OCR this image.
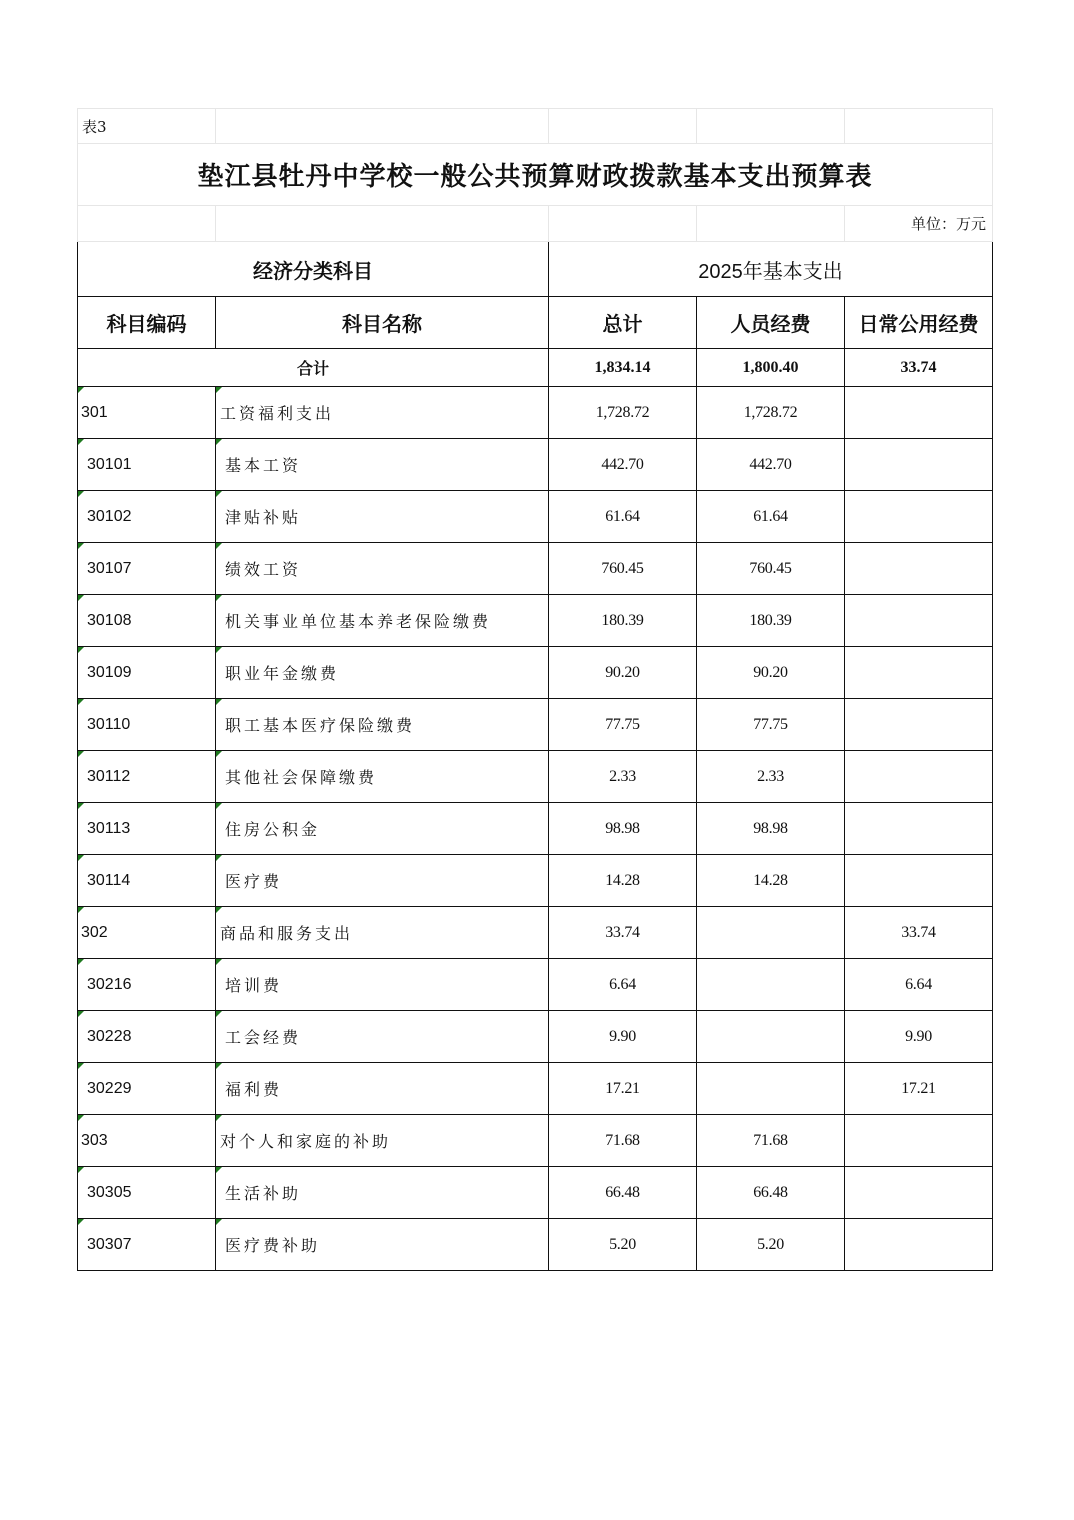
表3				
垫江县牡丹中学校一般公共预算财政拨款基本支出预算表				
				单位：万元
经济分类科目		2025年基本支出		
科目编码	科目名称	总计	人员经费	日常公用经费
合计		1,834.14	1,800.40	33.74
301	工资福利支出	1,728.72	1,728.72	
30101	基本工资	442.70	442.70	
30102	津贴补贴	61.64	61.64	
30107	绩效工资	760.45	760.45	
30108	机关事业单位基本养老保险缴费	180.39	180.39	
30109	职业年金缴费	90.20	90.20	
30110	职工基本医疗保险缴费	77.75	77.75	
30112	其他社会保障缴费	2.33	2.33	
30113	住房公积金	98.98	98.98	
30114	医疗费	14.28	14.28	
302	商品和服务支出	33.74		33.74
30216	培训费	6.64		6.64
30228	工会经费	9.90		9.90
30229	福利费	17.21		17.21
303	对个人和家庭的补助	71.68	71.68	
30305	生活补助	66.48	66.48	
30307	医疗费补助	5.20	5.20	
